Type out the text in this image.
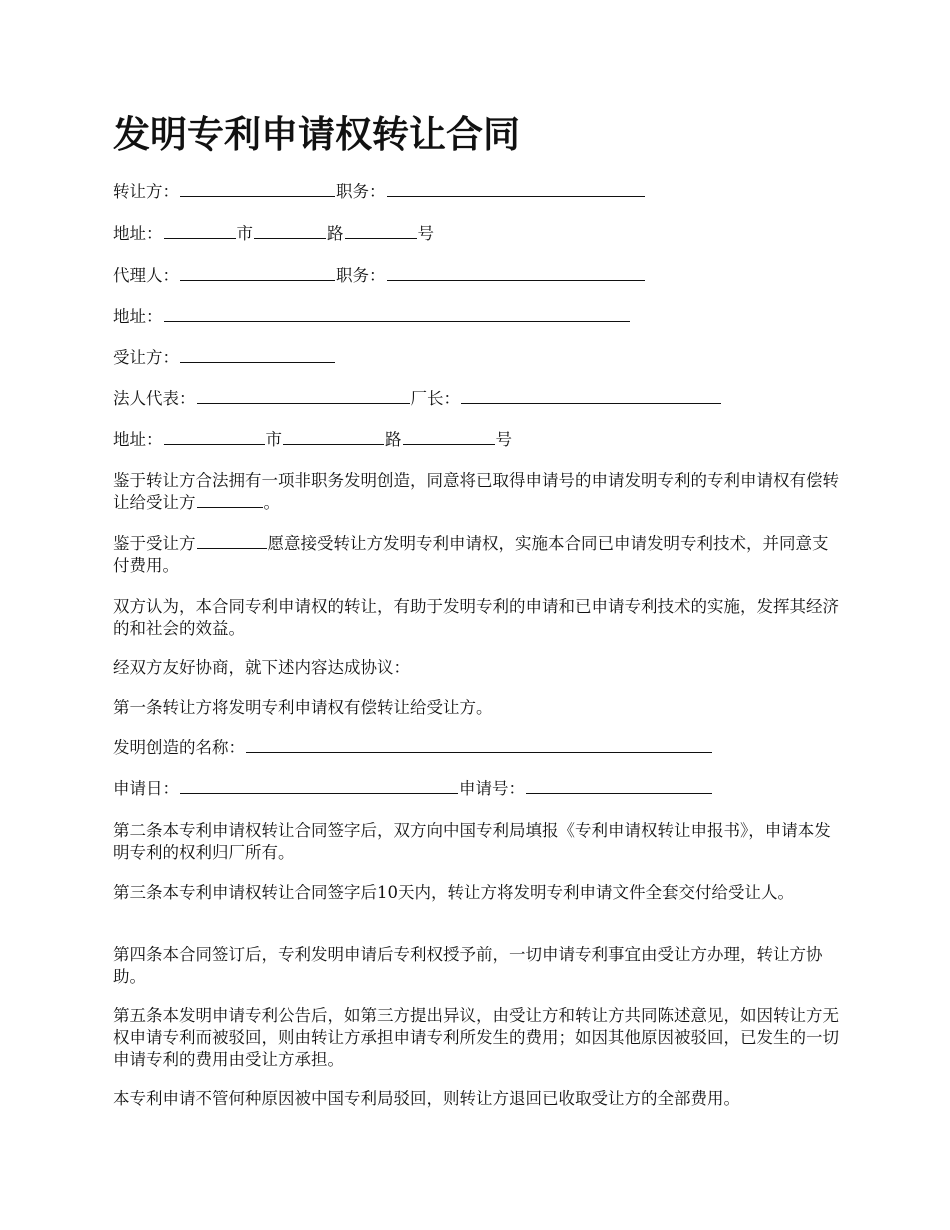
发明专利申请权转让合同
转让方：	职务：
地址：	市	路	号
代理人：	职务：
地址：
受让方：
法人代表：	厂长：
地址：	市	路	号
鉴于转让方合法拥有一项非职务发明创造，同意将已取得申请号的申请发明专利的专利申请权有偿转让给受让方	。
鉴于受让方	愿意接受转让方发明专利申请权，实施本合同已申请发明专利技术，并同意支付费用。
双方认为，本合同专利申请权的转让，有助于发明专利的申请和已申请专利技术的实施，发挥其经济的和社会的效益。
经双方友好协商，就下述内容达成协议：
第一条转让方将发明专利申请权有偿转让给受让方。
发明创造的名称：
申请日：	申请号：
第二条本专利申请权转让合同签字后，双方向中国专利局填报《专利申请权转让申报书》，申请本发明专利的权利归厂所有。
第三条本专利申请权转让合同签字后10天内，转让方将发明专利申请文件全套交付给受让人。
第四条本合同签订后，专利发明申请后专利权授予前，一切申请专利事宜由受让方办理，转让方协助。
第五条本发明申请专利公告后，如第三方提出异议，由受让方和转让方共同陈述意见，如因转让方无权申请专利而被驳回，则由转让方承担申请专利所发生的费用；如因其他原因被驳回，已发生的一切申请专利的费用由受让方承担。
本专利申请不管何种原因被中国专利局驳回，则转让方退回已收取受让方的全部费用。
